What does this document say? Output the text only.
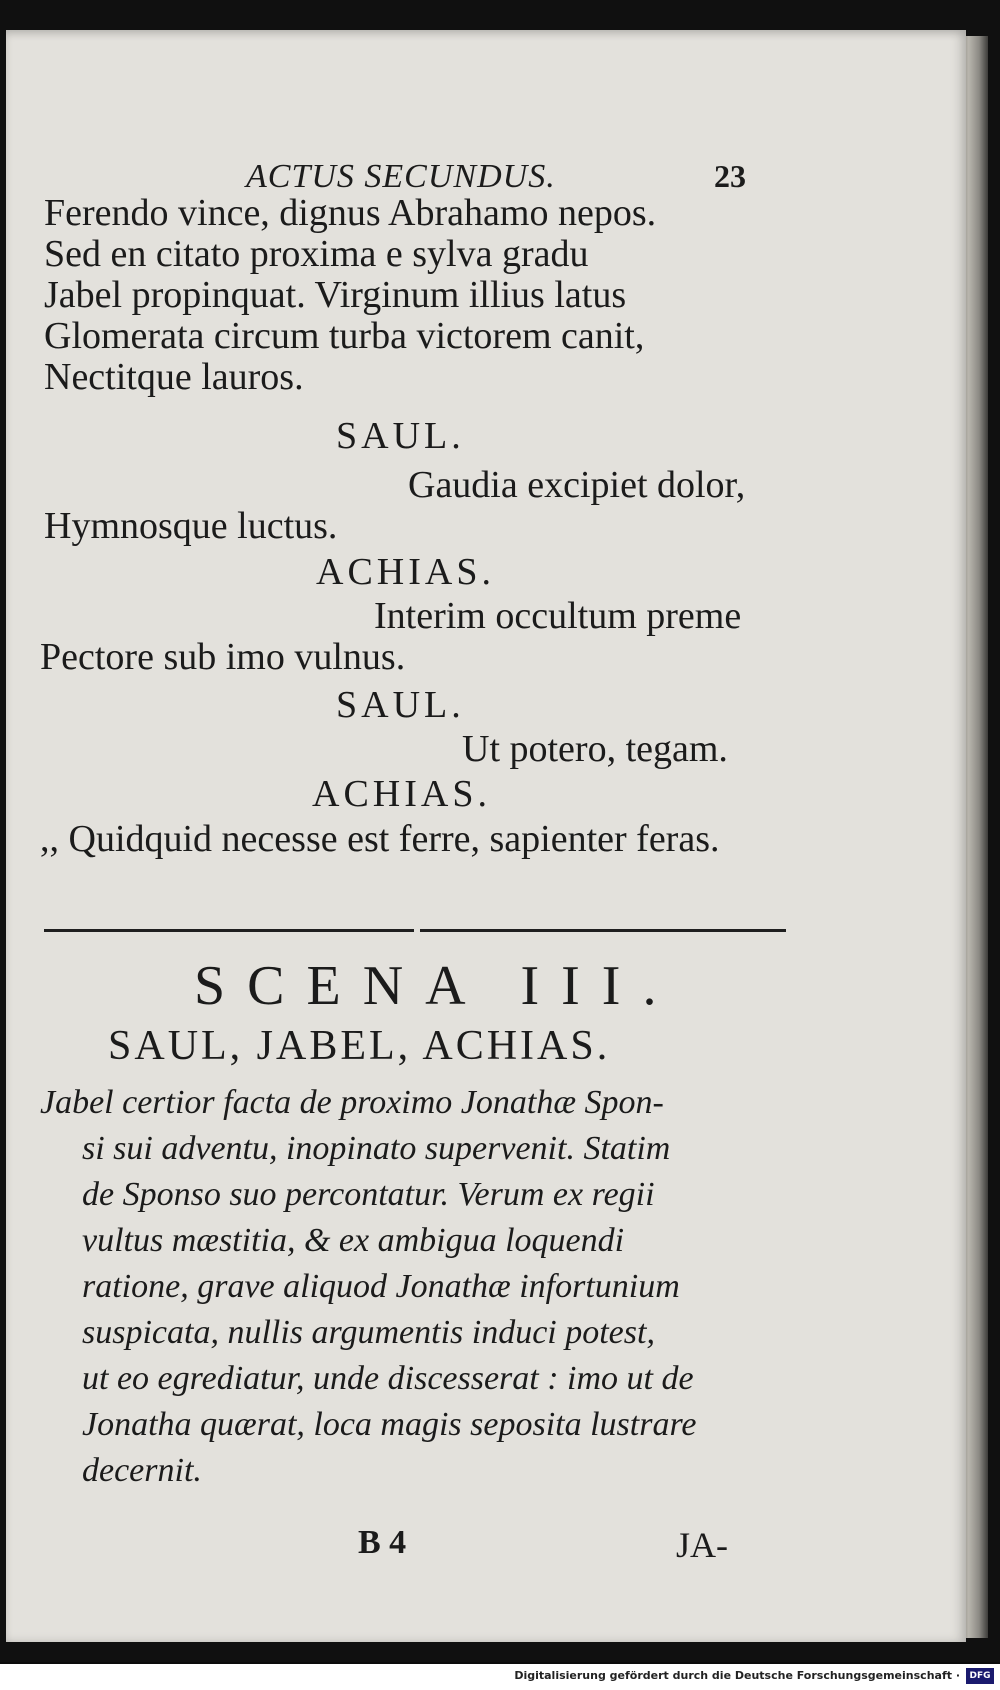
ACTUS SECUNDUS.	23
Ferendo vince, dignus Abrahamo nepos.
Sed en citato proxima e sylva gradu
Jabel propinquat. Virginum illius latus
Glomerata circum turba victorem canit,
Nectitque lauros.
SAUL.
Gaudia excipiet dolor,
Hymnosque luctus.
ACHIAS.
Interim occultum preme
Pectore sub imo vulnus.
SAUL.
Ut potero, tegam.
ACHIAS.
,, Quidquid necesse est ferre, sapienter feras.
SCENA III.
SAUL, JABEL, ACHIAS.
Jabel certior facta de proximo Jonathæ Spon-
si sui adventu, inopinato supervenit. Statim
de Sponso suo percontatur. Verum ex regii
vultus mæstitia, & ex ambigua loquendi
ratione, grave aliquod Jonathæ infortunium
suspicata, nullis argumentis induci potest,
ut eo egrediatur, unde discesserat : imo ut de
Jonatha quærat, loca magis seposita lustrare
decernit.
B 4	JA-
Digitalisierung gefördert durch die Deutsche Forschungsgemeinschaft ·	DFG
